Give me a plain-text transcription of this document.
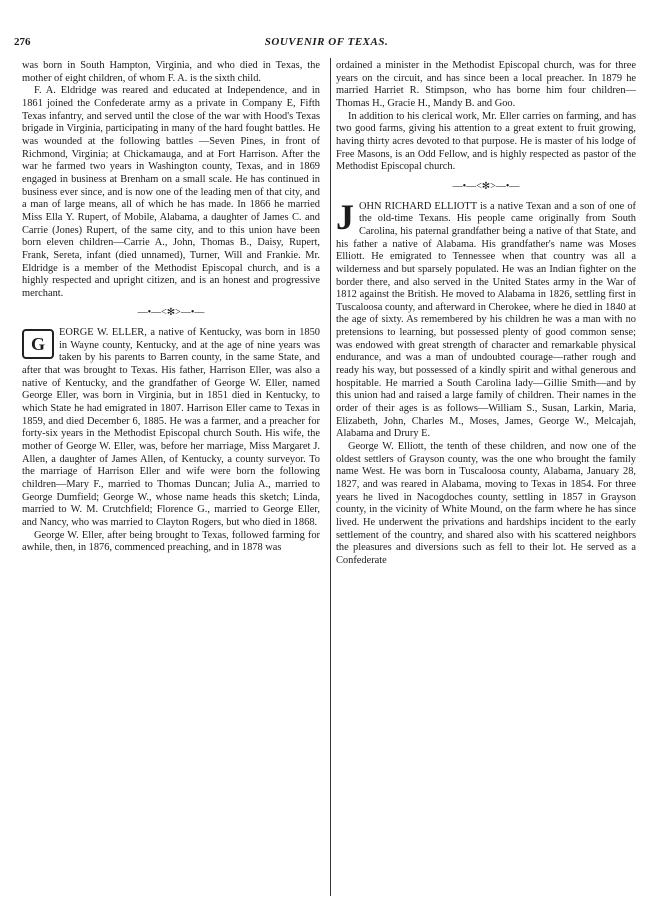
276	SOUVENIR OF TEXAS.

was born in South Hampton, Virginia, and who died in Texas, the mother of eight children, of whom F. A. is the sixth child.

F. A. Eldridge was reared and educated at Independence, and in 1861 joined the Confederate army as a private in Company E, Fifth Texas infantry, and served until the close of the war with Hood's Texas brigade in Virginia, participating in many of the hard fought battles. He was wounded at the following battles —Seven Pines, in front of Richmond, Virginia; at Chickamauga, and at Fort Harrison. After the war he farmed two years in Washington county, Texas, and in 1869 engaged in business at Brenham on a small scale. He has continued in business ever since, and is now one of the leading men of that city, and a man of large means, all of which he has made. In 1866 he married Miss Ella Y. Rupert, of Mobile, Alabama, a daughter of James C. and Carrie (Jones) Rupert, of the same city, and to this union have been born eleven children—Carrie A., John, Thomas B., Daisy, Rupert, Frank, Sereta, infant (died unnamed), Turner, Will and Frankie. Mr. Eldridge is a member of the Methodist Episcopal church, and is a highly respected and upright citizen, and is an honest and progressive merchant.

—•—<✻>—•—

G
EORGE W. ELLER, a native of Kentucky, was born in 1850 in Wayne county, Kentucky, and at the age of nine years was taken by his parents to Barren county, in the same State, and after that was brought to Texas. His father, Harrison Eller, was also a native of Kentucky, and the grandfather of George W. Eller, named George Eller, was born in Virginia, but in 1851 died in Kentucky, to which State he had emigrated in 1807. Harrison Eller came to Texas in 1859, and died December 6, 1885. He was a farmer, and a preacher for forty-six years in the Methodist Episcopal church South. His wife, the mother of George W. Eller, was, before her marriage, Miss Margaret J. Allen, a daughter of James Allen, of Kentucky, a county surveyor. To the marriage of Harrison Eller and wife were born the following children—Mary F., married to Thomas Duncan; Julia A., married to George Dumfield; George W., whose name heads this sketch; Linda, married to W. M. Crutchfield; Florence G., married to George Eller, and Nancy, who was married to Clayton Rogers, but who died in 1868.

George W. Eller, after being brought to Texas, followed farming for awhile, then, in 1876, commenced preaching, and in 1878 was

ordained a minister in the Methodist Episcopal church, was for three years on the circuit, and has since been a local preacher. In 1879 he married Harriet R. Stimpson, who has borne him four children—Thomas H., Gracie H., Mandy B. and Goo.

In addition to his clerical work, Mr. Eller carries on farming, and has two good farms, giving his attention to a great extent to fruit growing, having thirty acres devoted to that purpose. He is master of his lodge of Free Masons, is an Odd Fellow, and is highly respected as pastor of the Methodist Episcopal church.

—•—<✻>—•—

JOHN RICHARD ELLIOTT is a native Texan and a son of one of the old-time Texans. His people came originally from South Carolina, his paternal grandfather being a native of that State, and his father a native of Alabama. His grandfather's name was Moses Elliott. He emigrated to Tennessee when that country was all a wilderness and but sparsely populated. He was an Indian fighter on the border there, and also served in the United States army in the War of 1812 against the British. He moved to Alabama in 1826, settling first in Tuscaloosa county, and afterward in Cherokee, where he died in 1840 at the age of sixty. As remembered by his children he was a man with no pretensions to learning, but possessed plenty of good common sense; was endowed with great strength of character and remarkable physical endurance, and was a man of undoubted courage—rather rough and ready his way, but possessed of a kindly spirit and withal generous and hospitable. He married a South Carolina lady—Gillie Smith—and by this union had and raised a large family of children. Their names in the order of their ages is as follows—William S., Susan, Larkin, Maria, Elizabeth, John, Charles M., Moses, James, George W., Melcajah, Alabama and Drury E.

George W. Elliott, the tenth of these children, and now one of the oldest settlers of Grayson county, was the one who brought the family name West. He was born in Tuscaloosa county, Alabama, January 28, 1827, and was reared in Alabama, moving to Texas in 1854. For three years he lived in Nacogdoches county, settling in 1857 in Grayson county, in the vicinity of White Mound, on the farm where he has since lived. He underwent the privations and hardships incident to the early settlement of the country, and shared also with his scattered neighbors the pleasures and diversions such as fell to their lot. He served as a Confederate
